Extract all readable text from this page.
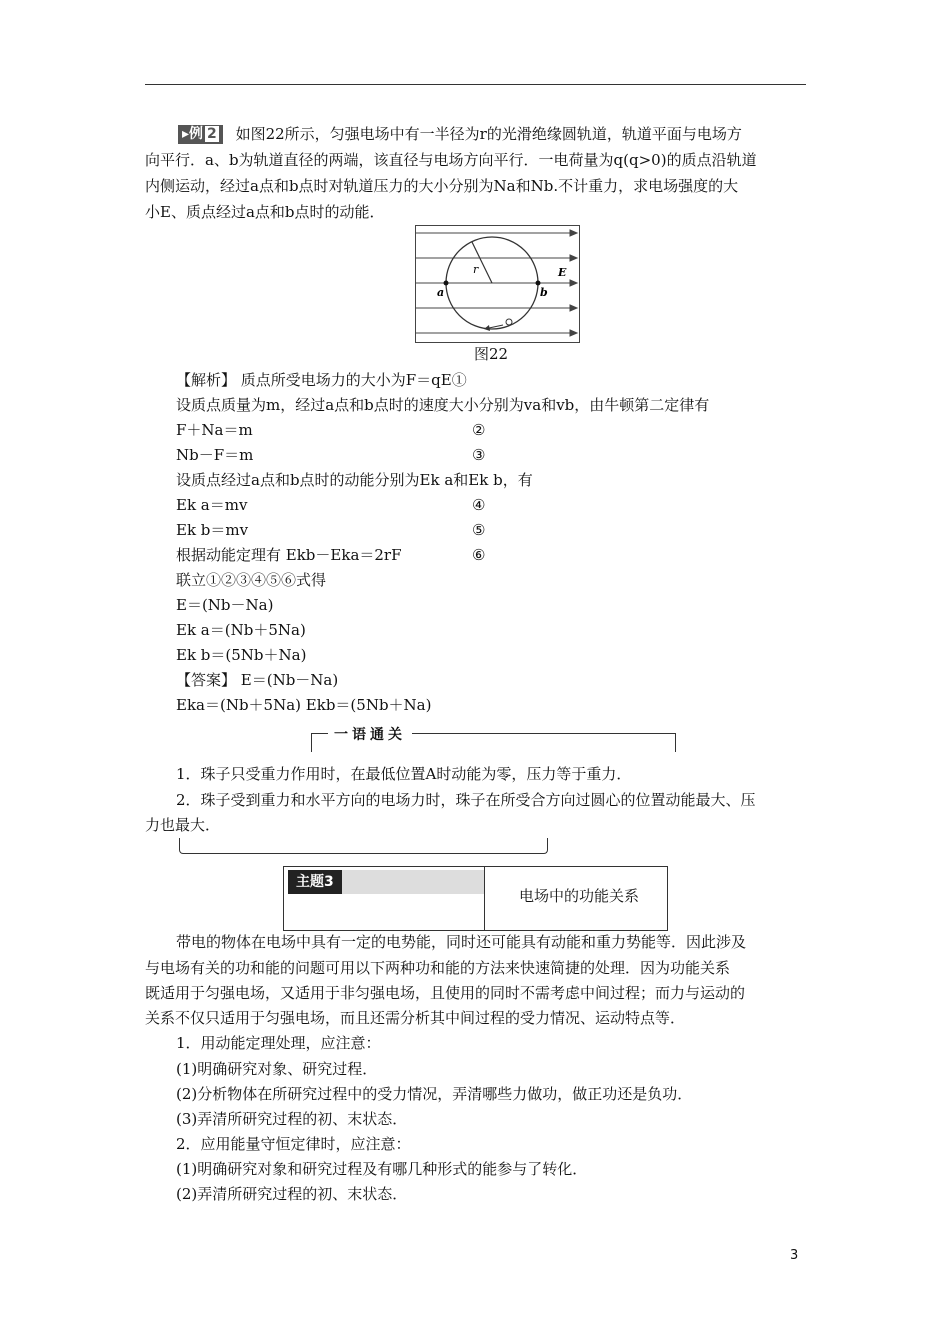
▸例 2 如图22所示，匀强电场中有一半径为r的光滑绝缘圆轨道，轨道平面与电场方
向平行．a、b为轨道直径的两端，该直径与电场方向平行．一电荷量为q(q>0)的质点沿轨道
内侧运动，经过a点和b点时对轨道压力的大小分别为Na和Nb.不计重力，求电场强度的大
小E、质点经过a点和b点时的动能．
r	E
a	b
图22
【解析】 质点所受电场力的大小为F＝qE①
设质点质量为m，经过a点和b点时的速度大小分别为va和vb，由牛顿第二定律有
F＋Na＝m	②
Nb－F＝m	③
设质点经过a点和b点时的动能分别为Ek a和Ek b，有
Ek a＝mv	④
Ek b＝mv	⑤
根据动能定理有 Ekb－Eka＝2rF	⑥
联立①②③④⑤⑥式得
E＝(Nb－Na)
Ek a＝(Nb＋5Na)
Ek b＝(5Nb＋Na)
【答案】 E＝(Nb－Na)
Eka＝(Nb＋5Na) Ekb＝(5Nb＋Na)
一语通关
1．珠子只受重力作用时，在最低位置A时动能为零，压力等于重力．
2．珠子受到重力和水平方向的电场力时，珠子在所受合方向过圆心的位置动能最大、压
力也最大．
主题3
电场中的功能关系
带电的物体在电场中具有一定的电势能，同时还可能具有动能和重力势能等．因此涉及
与电场有关的功和能的问题可用以下两种功和能的方法来快速简捷的处理．因为功能关系
既适用于匀强电场，又适用于非匀强电场，且使用的同时不需考虑中间过程；而力与运动的
关系不仅只适用于匀强电场，而且还需分析其中间过程的受力情况、运动特点等．
1．用动能定理处理，应注意：
(1)明确研究对象、研究过程．
(2)分析物体在所研究过程中的受力情况，弄清哪些力做功，做正功还是负功．
(3)弄清所研究过程的初、末状态．
2．应用能量守恒定律时，应注意：
(1)明确研究对象和研究过程及有哪几种形式的能参与了转化．
(2)弄清所研究过程的初、末状态．
3
